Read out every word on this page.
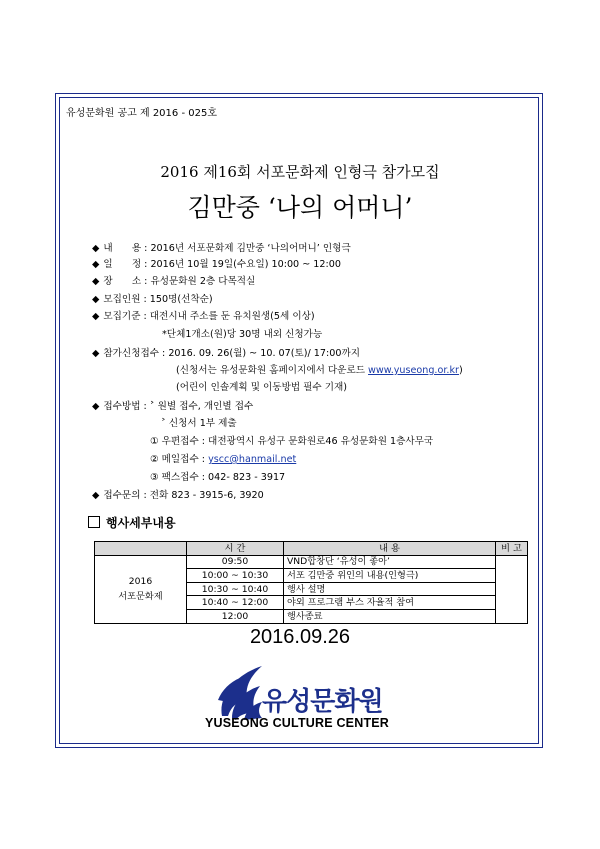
유성문화원 공고 제 2016 - 025호
2016 제16회 서포문화제 인형극 참가모집
김만중 ‘나의 어머니’
◆ 내　　용 : 2016년 서포문화제 김만중 ‘나의어머니’ 인형극
◆ 일　　정 : 2016년 10월 19일(수요일) 10:00 ~ 12:00
◆ 장　　소 : 유성문화원 2층 다목적실
◆ 모집인원 : 150명(선착순)
◆ 모집기준 : 대전시내 주소를 둔 유치원생(5세 이상)
*단체1개소(원)당 30명 내외 신청가능
◆ 참가신청접수 : 2016. 09. 26(월) ~ 10. 07(토)/ 17:00까지
(신청서는 유성문화원 홈페이지에서 다운로드 www.yuseong.or.kr)
(어린이 인솔계획 및 이동방법 필수 기재)
◆ 접수방법 : ˃ 원별 접수, 개인별 접수
˃ 신청서 1부 제출
① 우편접수 : 대전광역시 유성구 문화원로46 유성문화원 1층사무국
② 메일접수 : yscc@hanmail.net
③ 팩스접수 : 042- 823 - 3917
◆ 접수문의 : 전화 823 - 3915-6, 3920
행사세부내용
	시 간	내 용	비 고

2016
서포문화제	09:50	VND합창단 ‘유성이 좋아’	
	10:00 ~ 10:30	서포 김만중 위인의 내용(인형극)	
	10:30 ~ 10:40	행사 설명	
	10:40 ~ 12:00	야외 프로그램 부스 자율적 참여	
	12:00	행사종료	
2016.09.26
유성문화원
YUSEONG CULTURE CENTER
